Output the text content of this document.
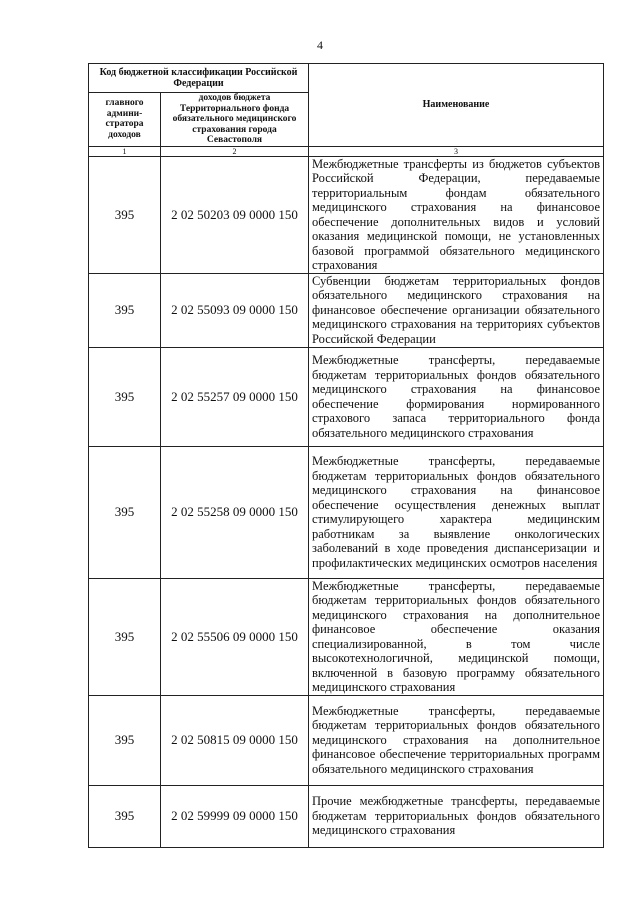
4
Код бюджетной классификации Российской Федерации		Наименование
главного админи-стратора доходов	доходов бюджета Территориального фонда обязательного медицинского страхования города Севастополя	
1	2	3
395	2 02 50203 09 0000 150	Межбюджетные трансферты из бюджетов субъектов Российской Федерации, передаваемые территориальным фондам обязательного медицинского страхования на финансовое обеспечение дополнительных видов и условий оказания медицинской помощи, не установленных базовой программой обязательного медицинского страхования
395	2 02 55093 09 0000 150	Субвенции бюджетам территориальных фондов обязательного медицинского страхования на финансовое обеспечение организации обязательного медицинского страхования на территориях субъектов Российской Федерации
395	2 02 55257 09 0000 150	Межбюджетные трансферты, передаваемые бюджетам территориальных фондов обязательного медицинского страхования на финансовое обеспечение формирования нормированного страхового запаса территориального фонда обязательного медицинского страхования
395	2 02 55258 09 0000 150	Межбюджетные трансферты, передаваемые бюджетам территориальных фондов обязательного медицинского страхования на финансовое обеспечение осуществления денежных выплат стимулирующего характера медицинским работникам за выявление онкологических заболеваний в ходе проведения диспансеризации и профилактических медицинских осмотров населения
395	2 02 55506 09 0000 150	Межбюджетные трансферты, передаваемые бюджетам территориальных фондов обязательного медицинского страхования на дополнительное финансовое обеспечение оказания специализированной, в том числе высокотехнологичной, медицинской помощи, включенной в базовую программу обязательного медицинского страхования
395	2 02 50815 09 0000 150	Межбюджетные трансферты, передаваемые бюджетам территориальных фондов обязательного медицинского страхования на дополнительное финансовое обеспечение территориальных программ обязательного медицинского страхования
395	2 02 59999 09 0000 150	Прочие межбюджетные трансферты, передаваемые бюджетам территориальных фондов обязательного медицинского страхования
